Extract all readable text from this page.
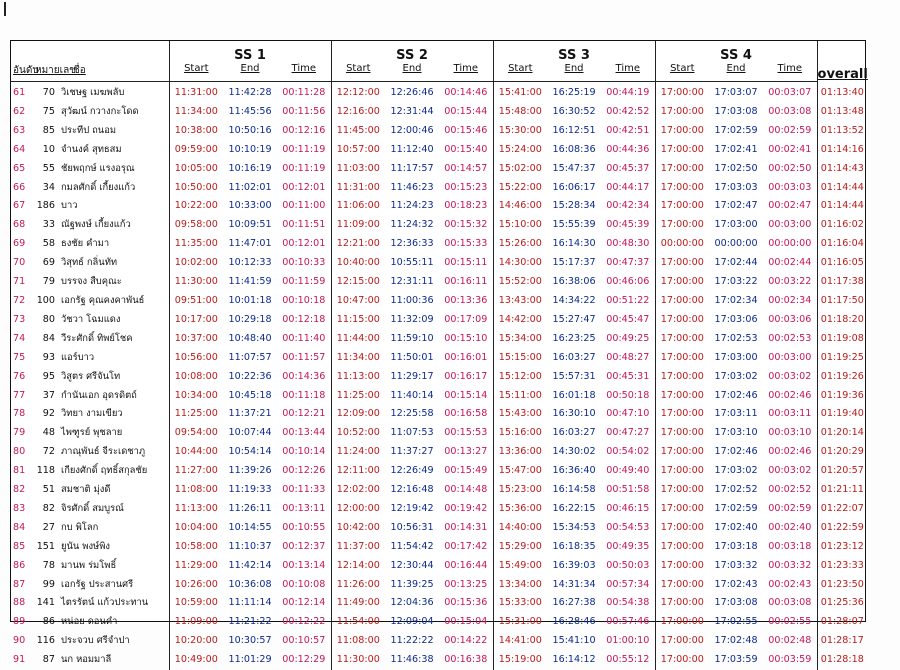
			SS 1			SS 2			SS 3			SS 4			overall
อันดับ	หมายเลข	ชื่อ	Start	End	Time	Start	End	Time	Start	End	Time	Start	End	Time	
61	70	วิเชษฐ เมฆพลับ	11:31:00	11:42:28	00:11:28	12:12:00	12:26:46	00:14:46	15:41:00	16:25:19	00:44:19	17:00:00	17:03:07	00:03:07	01:13:40
62	75	สุวัฒน์ กวางกะโดด	11:34:00	11:45:56	00:11:56	12:16:00	12:31:44	00:15:44	15:48:00	16:30:52	00:42:52	17:00:00	17:03:08	00:03:08	01:13:48
63	85	ประทีป ถนอม	10:38:00	10:50:16	00:12:16	11:45:00	12:00:46	00:15:46	15:30:00	16:12:51	00:42:51	17:00:00	17:02:59	00:02:59	01:13:52
64	10	จำนงค์ สุทธสม	09:59:00	10:10:19	00:11:19	10:57:00	11:12:40	00:15:40	15:24:00	16:08:36	00:44:36	17:00:00	17:02:41	00:02:41	01:14:16
65	55	ชัยพฤกษ์ แรงอรุณ	10:05:00	10:16:19	00:11:19	11:03:00	11:17:57	00:14:57	15:02:00	15:47:37	00:45:37	17:00:00	17:02:50	00:02:50	01:14:43
66	34	กมลศักดิ์ เกี้ยงแก้ว	10:50:00	11:02:01	00:12:01	11:31:00	11:46:23	00:15:23	15:22:00	16:06:17	00:44:17	17:00:00	17:03:03	00:03:03	01:14:44
67	186	บาว	10:22:00	10:33:00	00:11:00	11:06:00	11:24:23	00:18:23	14:46:00	15:28:34	00:42:34	17:00:00	17:02:47	00:02:47	01:14:44
68	33	ณัฐพงษ์ เกี้ยงแก้ว	09:58:00	10:09:51	00:11:51	11:09:00	11:24:32	00:15:32	15:10:00	15:55:39	00:45:39	17:00:00	17:03:00	00:03:00	01:16:02
69	58	ธงชัย คำมา	11:35:00	11:47:01	00:12:01	12:21:00	12:36:33	00:15:33	15:26:00	16:14:30	00:48:30	00:00:00	00:00:00	00:00:00	01:16:04
70	69	วิสุทธ์ กลิ่นทัท	10:02:00	10:12:33	00:10:33	10:40:00	10:55:11	00:15:11	14:30:00	15:17:37	00:47:37	17:00:00	17:02:44	00:02:44	01:16:05
71	79	บรรจง สืบคุณะ	11:30:00	11:41:59	00:11:59	12:15:00	12:31:11	00:16:11	15:52:00	16:38:06	00:46:06	17:00:00	17:03:22	00:03:22	01:17:38
72	100	เอกรัฐ คุณคงคาพันธ์	09:51:00	10:01:18	00:10:18	10:47:00	11:00:36	00:13:36	13:43:00	14:34:22	00:51:22	17:00:00	17:02:34	00:02:34	01:17:50
73	80	วัชวา โฉมแดง	10:17:00	10:29:18	00:12:18	11:15:00	11:32:09	00:17:09	14:42:00	15:27:47	00:45:47	17:00:00	17:03:06	00:03:06	01:18:20
74	84	วีระศักดิ์ ทิพย์โชค	10:37:00	10:48:40	00:11:40	11:44:00	11:59:10	00:15:10	15:34:00	16:23:25	00:49:25	17:00:00	17:02:53	00:02:53	01:19:08
75	93	แอร์บาว	10:56:00	11:07:57	00:11:57	11:34:00	11:50:01	00:16:01	15:15:00	16:03:27	00:48:27	17:00:00	17:03:00	00:03:00	01:19:25
76	95	วิสูตร ศรีจันโท	10:08:00	10:22:36	00:14:36	11:13:00	11:29:17	00:16:17	15:12:00	15:57:31	00:45:31	17:00:00	17:03:02	00:03:02	01:19:26
77	37	กำนันเอก อุดรดิตถ์	10:34:00	10:45:18	00:11:18	11:25:00	11:40:14	00:15:14	15:11:00	16:01:18	00:50:18	17:00:00	17:02:46	00:02:46	01:19:36
78	92	วิทยา งามเขียว	11:25:00	11:37:21	00:12:21	12:09:00	12:25:58	00:16:58	15:43:00	16:30:10	00:47:10	17:00:00	17:03:11	00:03:11	01:19:40
79	48	ไพฑูรย์ พุชลาย	09:54:00	10:07:44	00:13:44	10:52:00	11:07:53	00:15:53	15:16:00	16:03:27	00:47:27	17:00:00	17:03:10	00:03:10	01:20:14
80	72	ภาณุพันธ์ จีระเดชาภู	10:44:00	10:54:14	00:10:14	11:24:00	11:37:27	00:13:27	13:36:00	14:30:02	00:54:02	17:00:00	17:02:46	00:02:46	01:20:29
81	118	เกียงศักดิ์ ฤทธิ์สกุลชัย	11:27:00	11:39:26	00:12:26	12:11:00	12:26:49	00:15:49	15:47:00	16:36:40	00:49:40	17:00:00	17:03:02	00:03:02	01:20:57
82	51	สมชาติ มุ่งดี	11:08:00	11:19:33	00:11:33	12:02:00	12:16:48	00:14:48	15:23:00	16:14:58	00:51:58	17:00:00	17:02:52	00:02:52	01:21:11
83	82	จิรศักดิ์ สมบูรณ์	11:13:00	11:26:11	00:13:11	12:00:00	12:19:42	00:19:42	15:36:00	16:22:15	00:46:15	17:00:00	17:02:59	00:02:59	01:22:07
84	27	กบ พิโลก	10:04:00	10:14:55	00:10:55	10:42:00	10:56:31	00:14:31	14:40:00	15:34:53	00:54:53	17:00:00	17:02:40	00:02:40	01:22:59
85	151	ยูนัน พงษ์พิง	10:58:00	11:10:37	00:12:37	11:37:00	11:54:42	00:17:42	15:29:00	16:18:35	00:49:35	17:00:00	17:03:18	00:03:18	01:23:12
86	78	มานพ ร่มโพธิ์	11:29:00	11:42:14	00:13:14	12:14:00	12:30:44	00:16:44	15:49:00	16:39:03	00:50:03	17:00:00	17:03:32	00:03:32	01:23:33
87	99	เอกรัฐ ประสานศรี	10:26:00	10:36:08	00:10:08	11:26:00	11:39:25	00:13:25	13:34:00	14:31:34	00:57:34	17:00:00	17:02:43	00:02:43	01:23:50
88	141	ไตรรัตน์ แก้วประทาน	10:59:00	11:11:14	00:12:14	11:49:00	12:04:36	00:15:36	15:33:00	16:27:38	00:54:38	17:00:00	17:03:08	00:03:08	01:25:36
89	86	หน่อย ดอนคำ	11:09:00	11:21:22	00:12:22	11:54:00	12:09:04	00:15:04	15:31:00	16:28:46	00:57:46	17:00:00	17:02:55	00:02:55	01:28:07
90	116	ประจวบ ศรีจำปา	10:20:00	10:30:57	00:10:57	11:08:00	11:22:22	00:14:22	14:41:00	15:41:10	01:00:10	17:00:00	17:02:48	00:02:48	01:28:17
91	87	นก หอมมาลี	10:49:00	11:01:29	00:12:29	11:30:00	11:46:38	00:16:38	15:19:00	16:14:12	00:55:12	17:00:00	17:03:59	00:03:59	01:28:18
